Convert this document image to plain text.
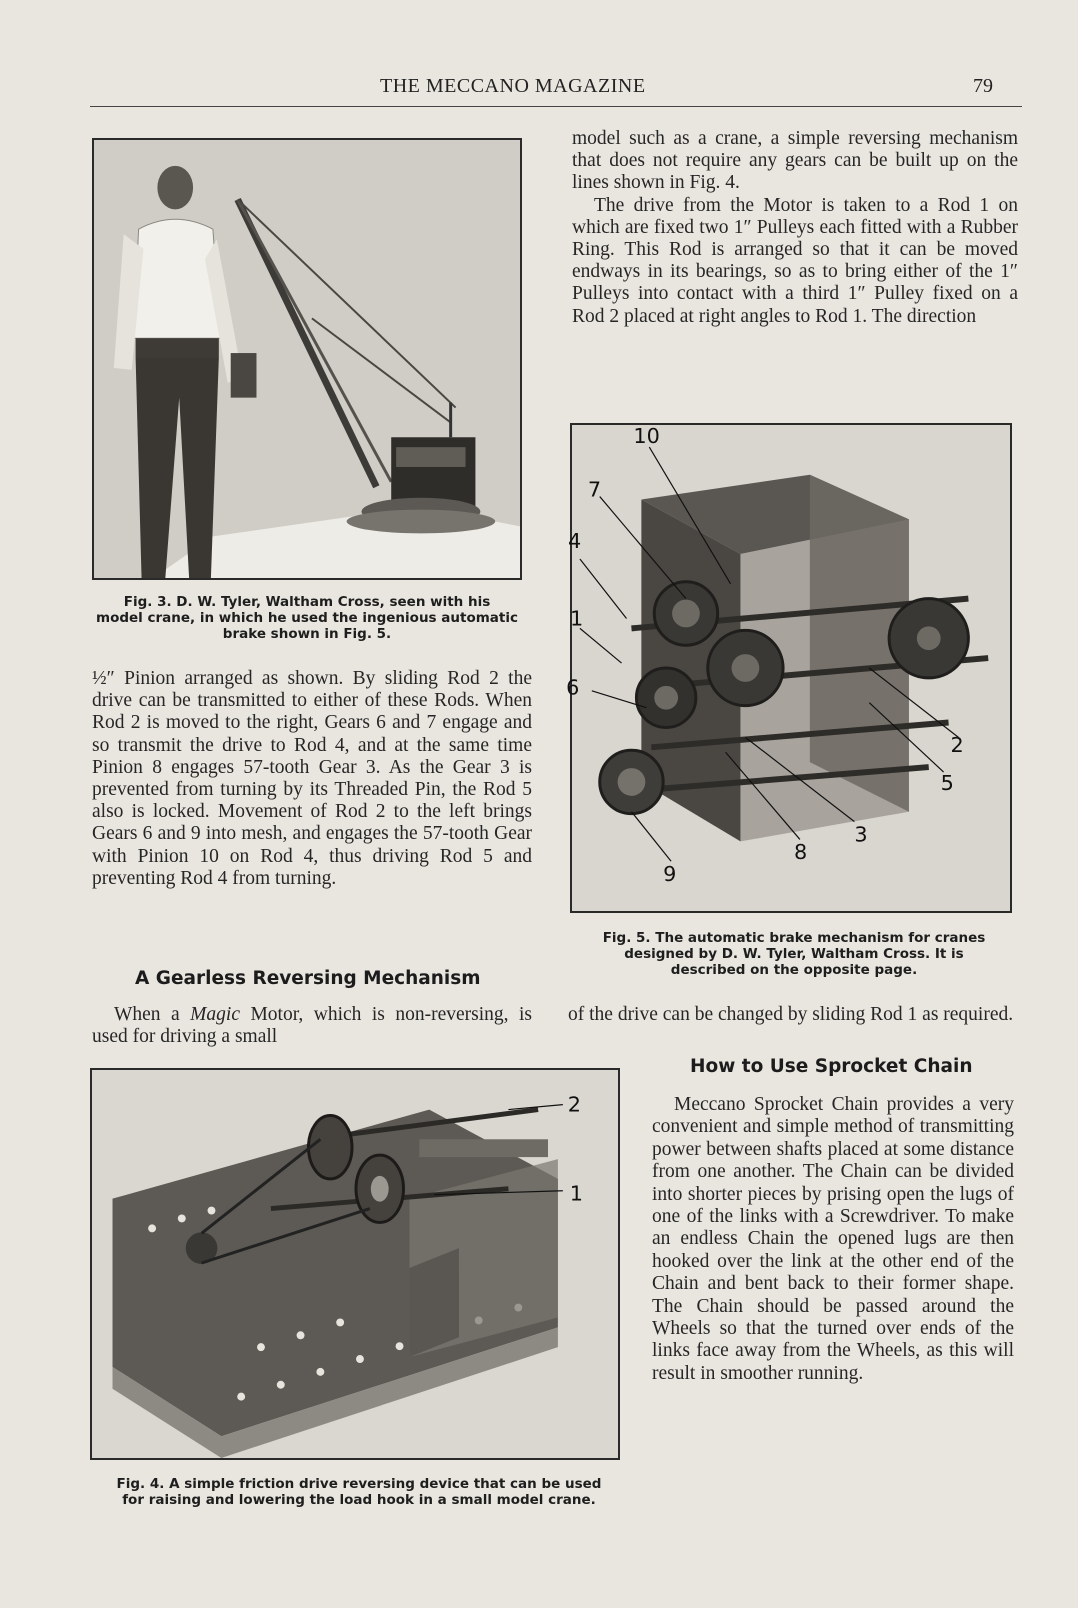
THE MECCANO MAGAZINE	79
Fig. 3. D. W. Tyler, Waltham Cross, seen with his
model crane, in which he used the ingenious automatic
brake shown in Fig. 5.

model such as a crane, a simple reversing mechanism that does not require any gears can be built up on the lines shown in Fig. 4.

The drive from the Motor is taken to a Rod 1 on which are fixed two 1″ Pulleys each fitted with a Rubber Ring. This Rod is arranged so that it can be moved endways in its bearings, so as to bring either of the 1″ Pulleys into contact with a third 1″ Pulley fixed on a Rod 2 placed at right angles to Rod 1. The direction

10
7
4
1
6
2
5
3
8
9
Fig. 5. The automatic brake mechanism for cranes
designed by D. W. Tyler, Waltham Cross. It is
described on the opposite page.

½″ Pinion arranged as shown. By sliding Rod 2 the drive can be transmitted to either of these Rods. When Rod 2 is moved to the right, Gears 6 and 7 engage and so transmit the drive to Rod 4, and at the same time Pinion 8 engages 57-tooth Gear 3. As the Gear 3 is prevented from turning by its Threaded Pin, the Rod 5 also is locked. Movement of Rod 2 to the left brings Gears 6 and 9 into mesh, and engages the 57-tooth Gear with Pinion 10 on Rod 4, thus driving Rod 5 and preventing Rod 4 from turning.

A Gearless Reversing Mechanism

When a Magic Motor, which is non-reversing, is used for driving a small

of the drive can be changed by sliding Rod 1 as required.

How to Use Sprocket Chain
2
1
Fig. 4. A simple friction drive reversing device that can be used
for raising and lowering the load hook in a small model crane.

Meccano Sprocket Chain provides a very convenient and simple method of transmitting power between shafts placed at some distance from one another. The Chain can be divided into shorter pieces by prising open the lugs of one of the links with a Screwdriver. To make an endless Chain the opened lugs are then hooked over the link at the other end of the Chain and bent back to their former shape. The Chain should be passed around the Wheels so that the turned over ends of the links face away from the Wheels, as this will result in smoother running.
